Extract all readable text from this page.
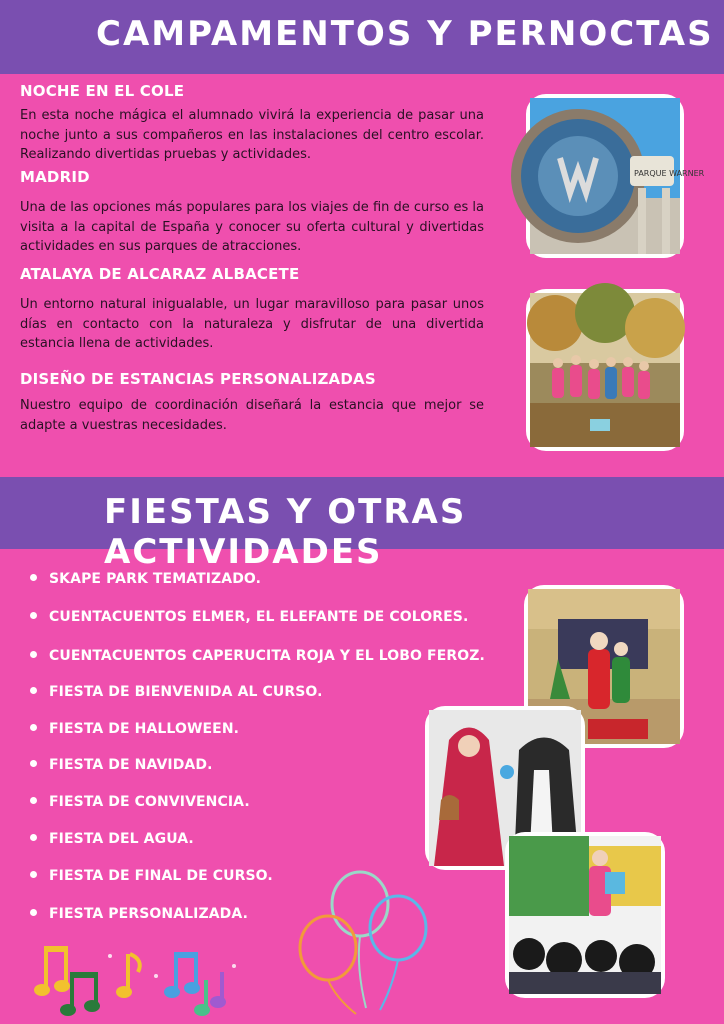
CAMPAMENTOS Y PERNOCTAS
NOCHE EN EL COLE
En esta noche mágica el alumnado vivirá la experiencia de pasar una noche junto a sus compañeros en las instalaciones del centro escolar. Realizando divertidas pruebas y actividades.
MADRID
Una de las opciones más populares para los viajes de fin de curso es la visita a la capital de España y conocer su oferta cultural y divertidas actividades en sus parques de atracciones.
ATALAYA DE ALCARAZ ALBACETE
Un entorno natural inigualable, un lugar maravilloso para pasar unos días en contacto con la naturaleza y disfrutar de una divertida estancia llena de actividades.
DISEÑO DE ESTANCIAS PERSONALIZADAS
Nuestro equipo de coordinación diseñará la estancia que mejor se adapte a vuestras necesidades.
PARQUE WARNER
FIESTAS Y OTRAS ACTIVIDADES
SKAPE PARK TEMATIZADO.
CUENTACUENTOS ELMER, EL ELEFANTE DE COLORES.
CUENTACUENTOS CAPERUCITA ROJA Y EL LOBO FEROZ.
FIESTA DE BIENVENIDA AL CURSO.
FIESTA DE HALLOWEEN.
FIESTA DE NAVIDAD.
FIESTA DE CONVIVENCIA.
FIESTA DEL AGUA.
FIESTA DE FINAL DE CURSO.
FIESTA PERSONALIZADA.
